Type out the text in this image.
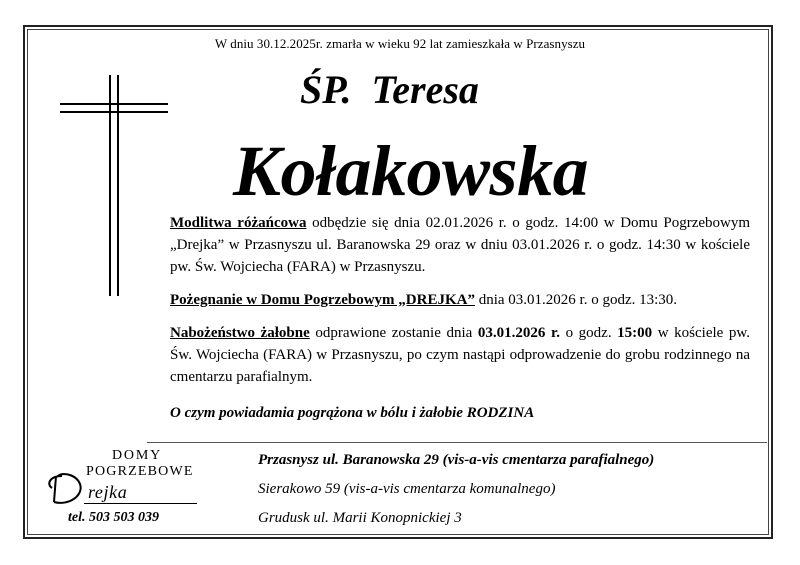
W dniu 30.12.2025r. zmarła w wieku 92 lat zamieszkała w Przasnyszu
ŚP.  Teresa
Kołakowska
Modlitwa różańcowa odbędzie się dnia 02.01.2026 r. o godz. 14:00 w Domu Pogrzebowym „Drejka” w Przasnyszu ul. Baranowska 29 oraz w dniu 03.01.2026 r. o godz. 14:30 w kościele pw. Św. Wojciecha (FARA) w Przasnyszu.
Pożegnanie w Domu Pogrzebowym „DREJKA” dnia 03.01.2026 r. o godz. 13:30.
Nabożeństwo żałobne odprawione zostanie dnia 03.01.2026 r. o godz. 15:00 w kościele pw. Św. Wojciecha (FARA) w Przasnyszu, po czym nastąpi odprowadzenie do grobu rodzinnego na cmentarzu parafialnym.
O czym powiadamia pogrążona w bólu i żałobie RODZINA
DOMY
POGRZEBOWE
rejka
tel. 503 503 039
Przasnysz ul. Baranowska 29 (vis-a-vis cmentarza parafialnego)
Sierakowo 59 (vis-a-vis cmentarza komunalnego)
Grudusk ul. Marii Konopnickiej 3
